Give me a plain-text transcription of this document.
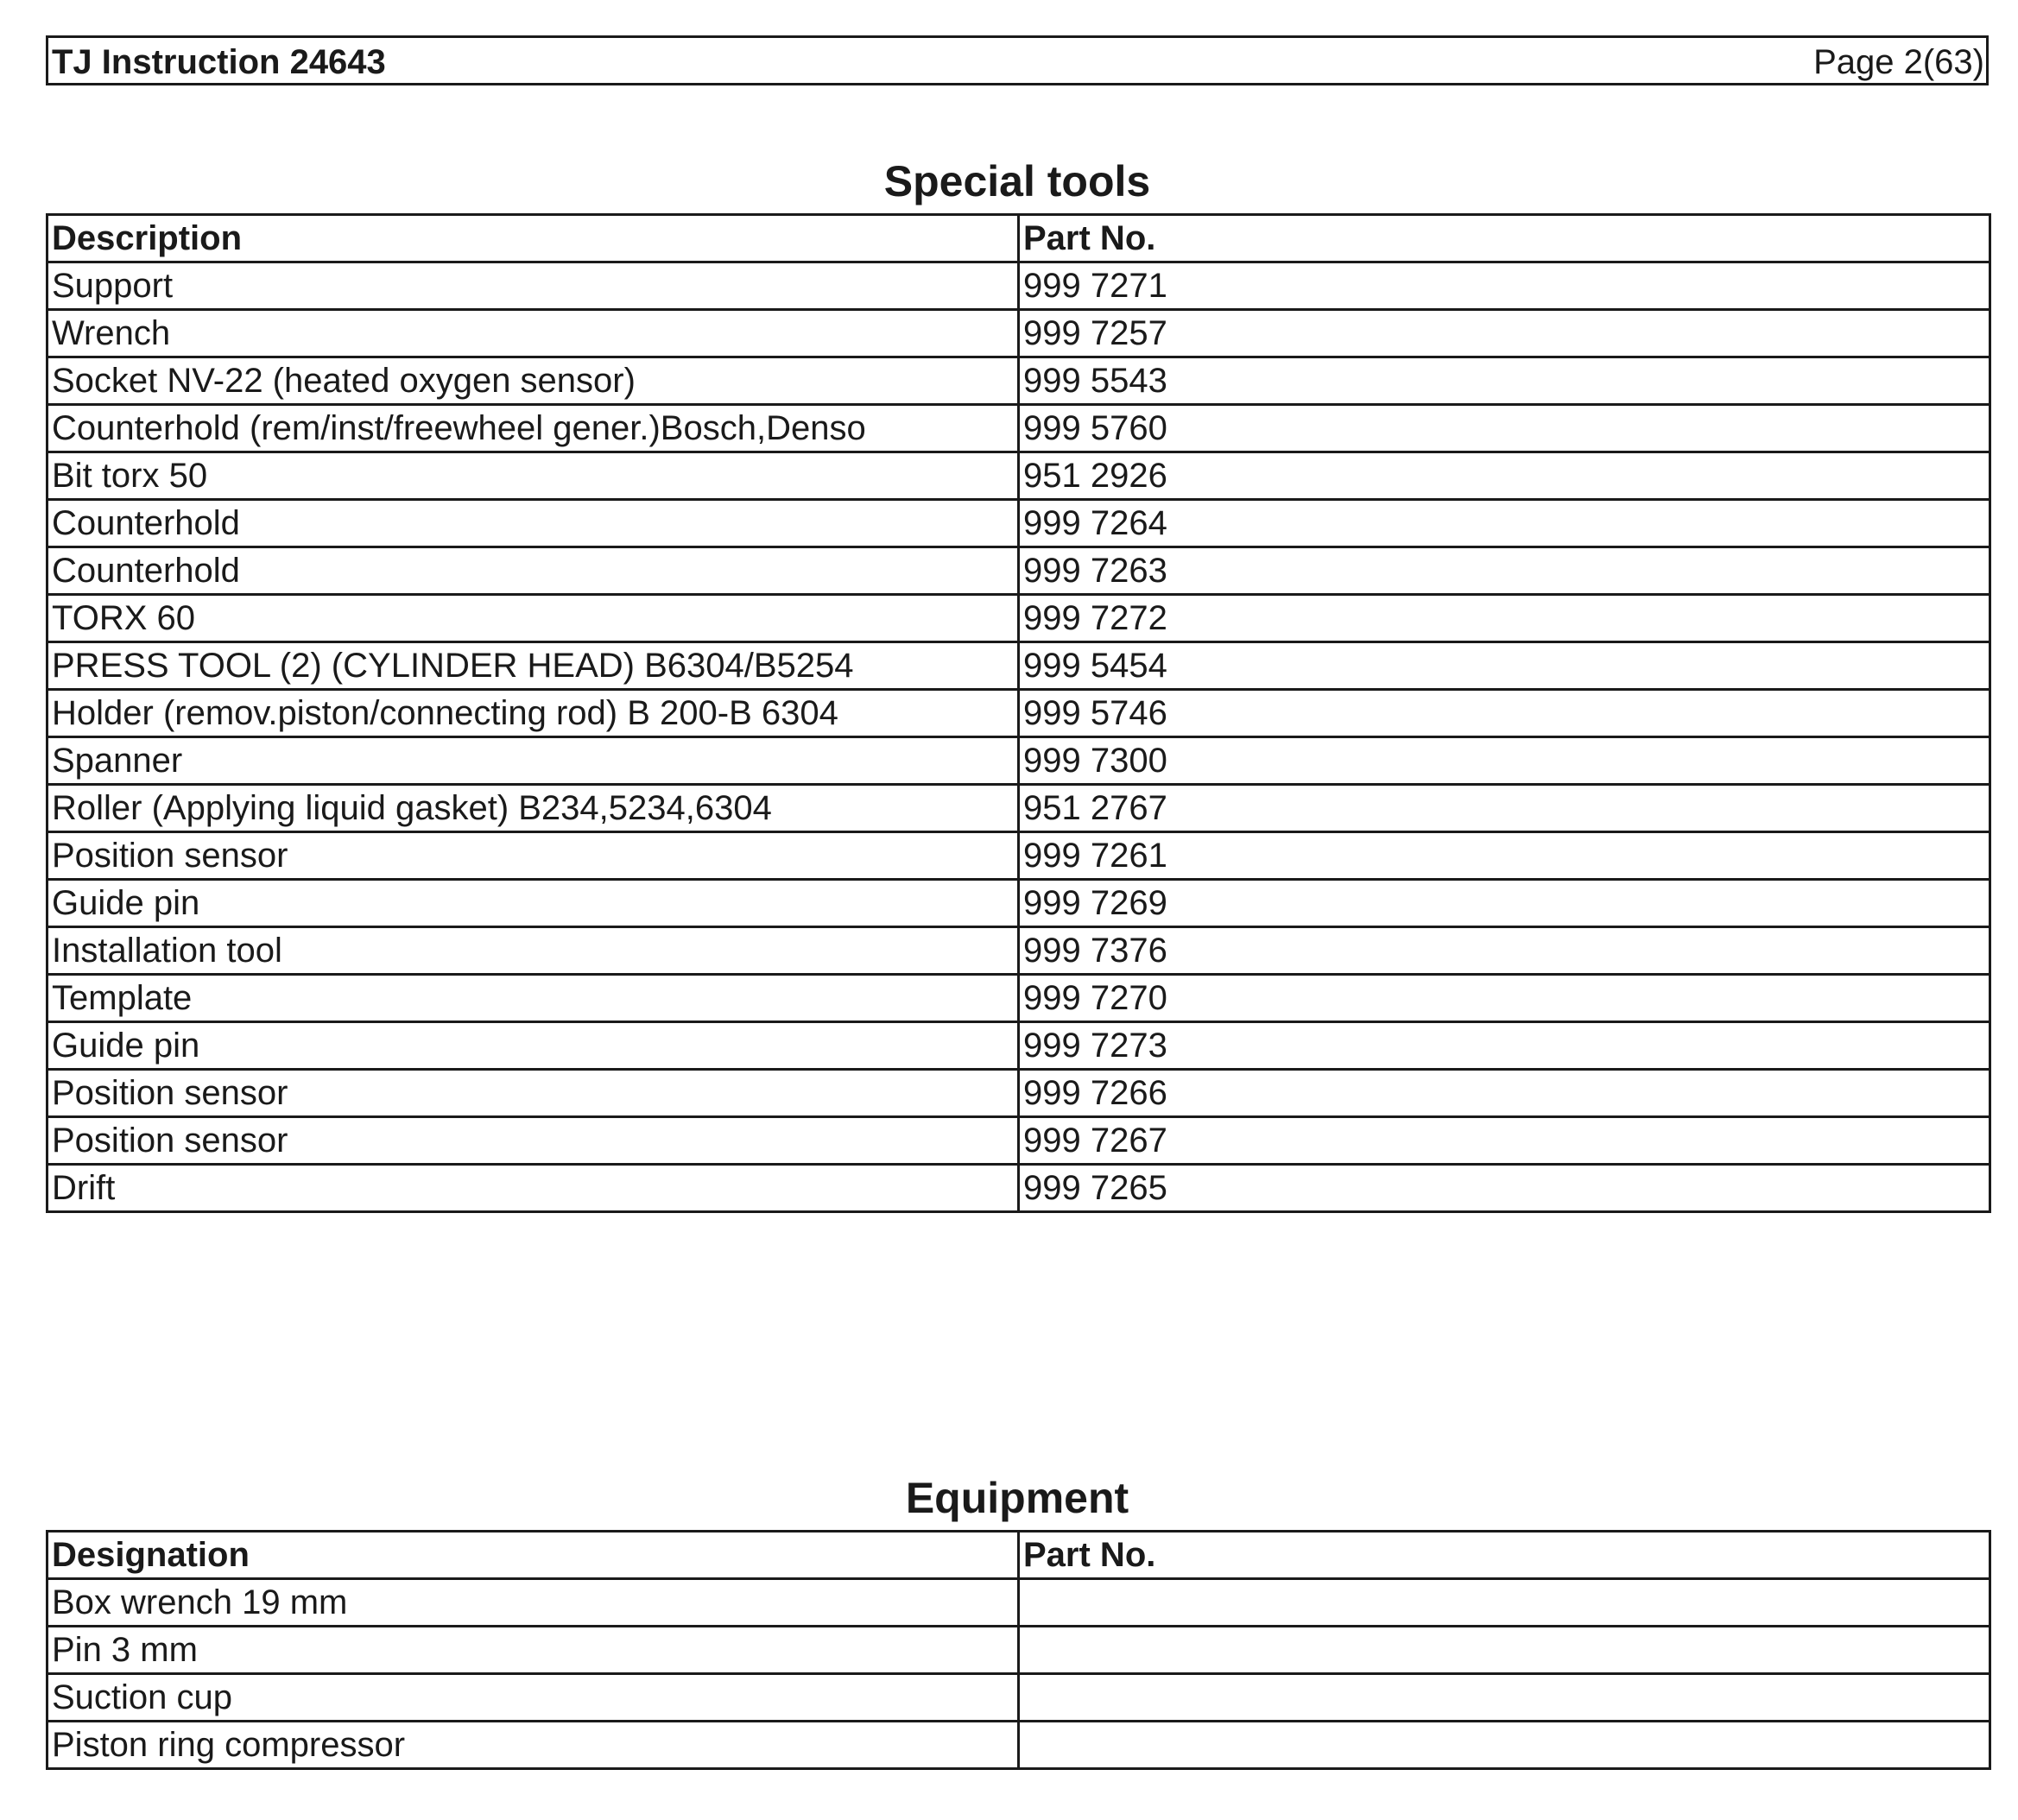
TJ Instruction 24643	Page 2(63)
Special tools
Description	Part No.
Support	999 7271
Wrench	999 7257
Socket NV-22 (heated oxygen sensor)	999 5543
Counterhold (rem/inst/freewheel gener.)Bosch,Denso	999 5760
Bit torx 50	951 2926
Counterhold	999 7264
Counterhold	999 7263
TORX 60	999 7272
PRESS TOOL (2) (CYLINDER HEAD) B6304/B5254	999 5454
Holder (remov.piston/connecting rod) B 200-B 6304	999 5746
Spanner	999 7300
Roller (Applying liquid gasket) B234,5234,6304	951 2767
Position sensor	999 7261
Guide pin	999 7269
Installation tool	999 7376
Template	999 7270
Guide pin	999 7273
Position sensor	999 7266
Position sensor	999 7267
Drift	999 7265
Equipment
Designation	Part No.
Box wrench 19 mm	
Pin 3 mm	
Suction cup	
Piston ring compressor	
